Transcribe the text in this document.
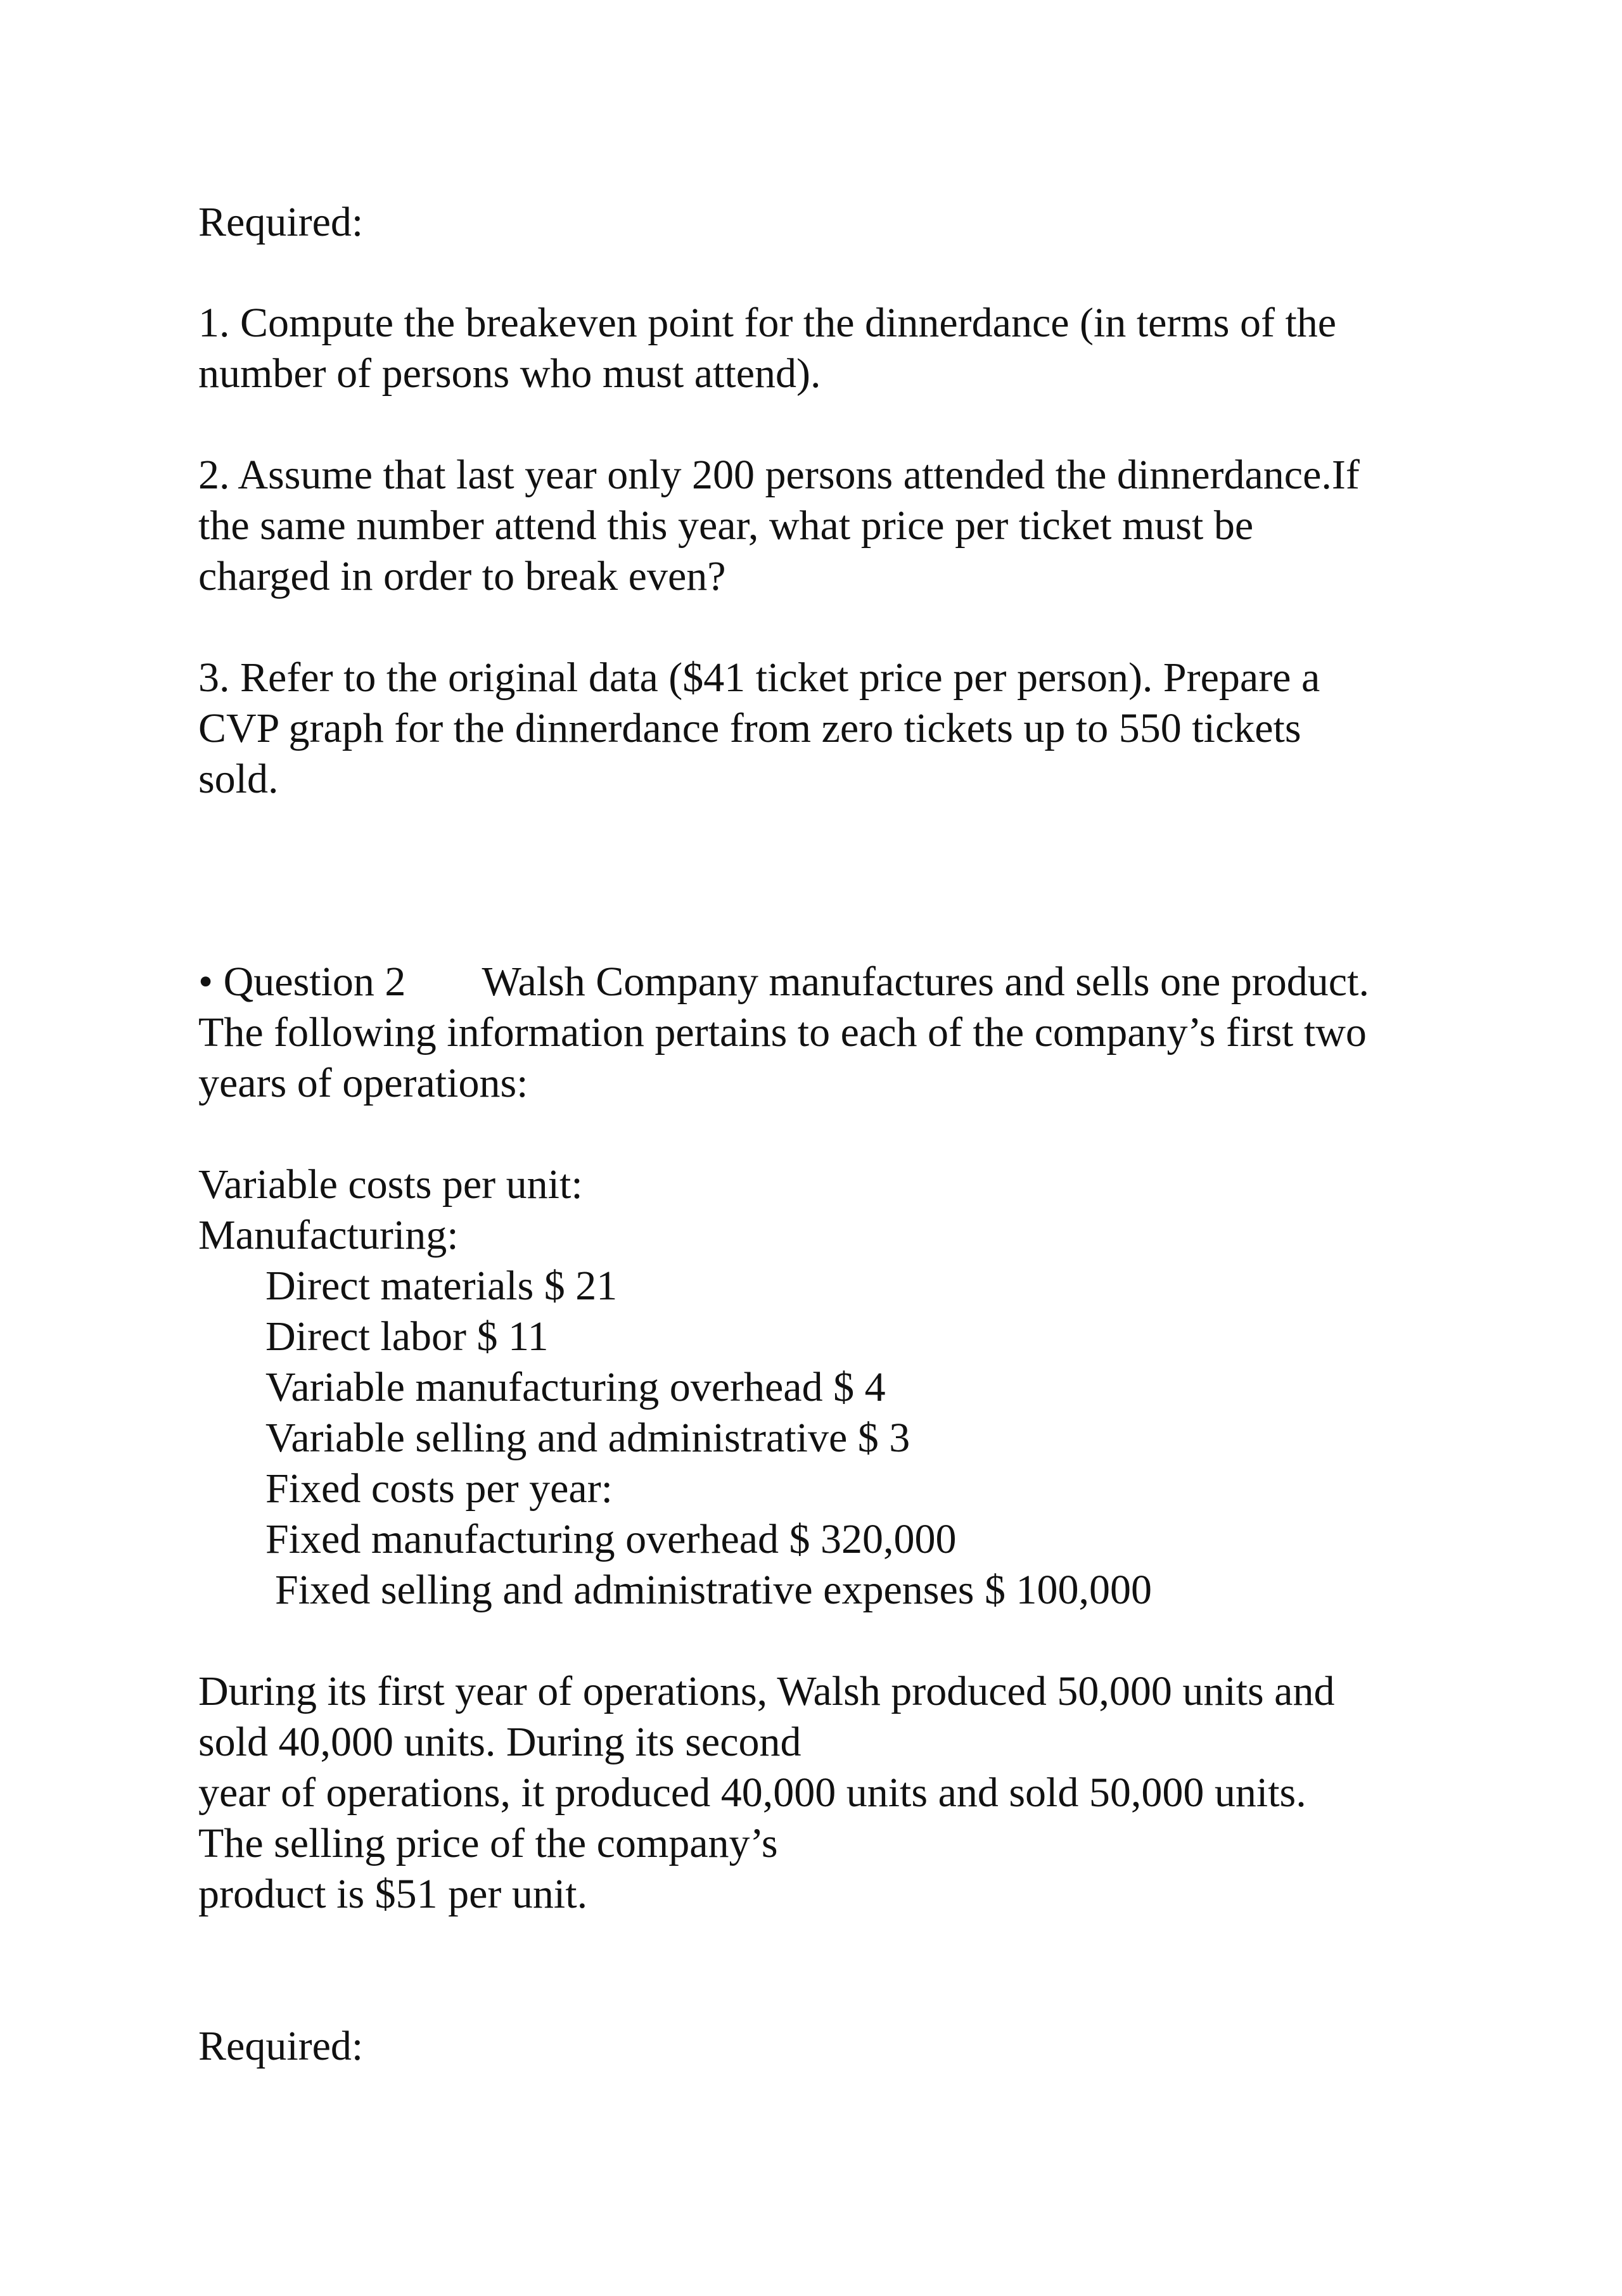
Required:
1. Compute the breakeven point for the dinnerdance (in terms of the
number of persons who must attend).
2. Assume that last year only 200 persons attended the dinnerdance.If
the same number attend this year, what price per ticket must be
charged in order to break even?
3. Refer to the original data ($41 ticket price per person). Prepare a
CVP graph for the dinnerdance from zero tickets up to 550 tickets
sold.
• Question 2 Walsh Company manufactures and sells one product.
The following information pertains to each of the company’s first two
years of operations:
Variable costs per unit:
Manufacturing:
Direct materials $ 21
Direct labor $ 11
Variable manufacturing overhead $ 4
Variable selling and administrative $ 3
Fixed costs per year:
Fixed manufacturing overhead $ 320,000
Fixed selling and administrative expenses $ 100,000
During its first year of operations, Walsh produced 50,000 units and
sold 40,000 units. During its second
year of operations, it produced 40,000 units and sold 50,000 units.
The selling price of the company’s
product is $51 per unit.
Required:
